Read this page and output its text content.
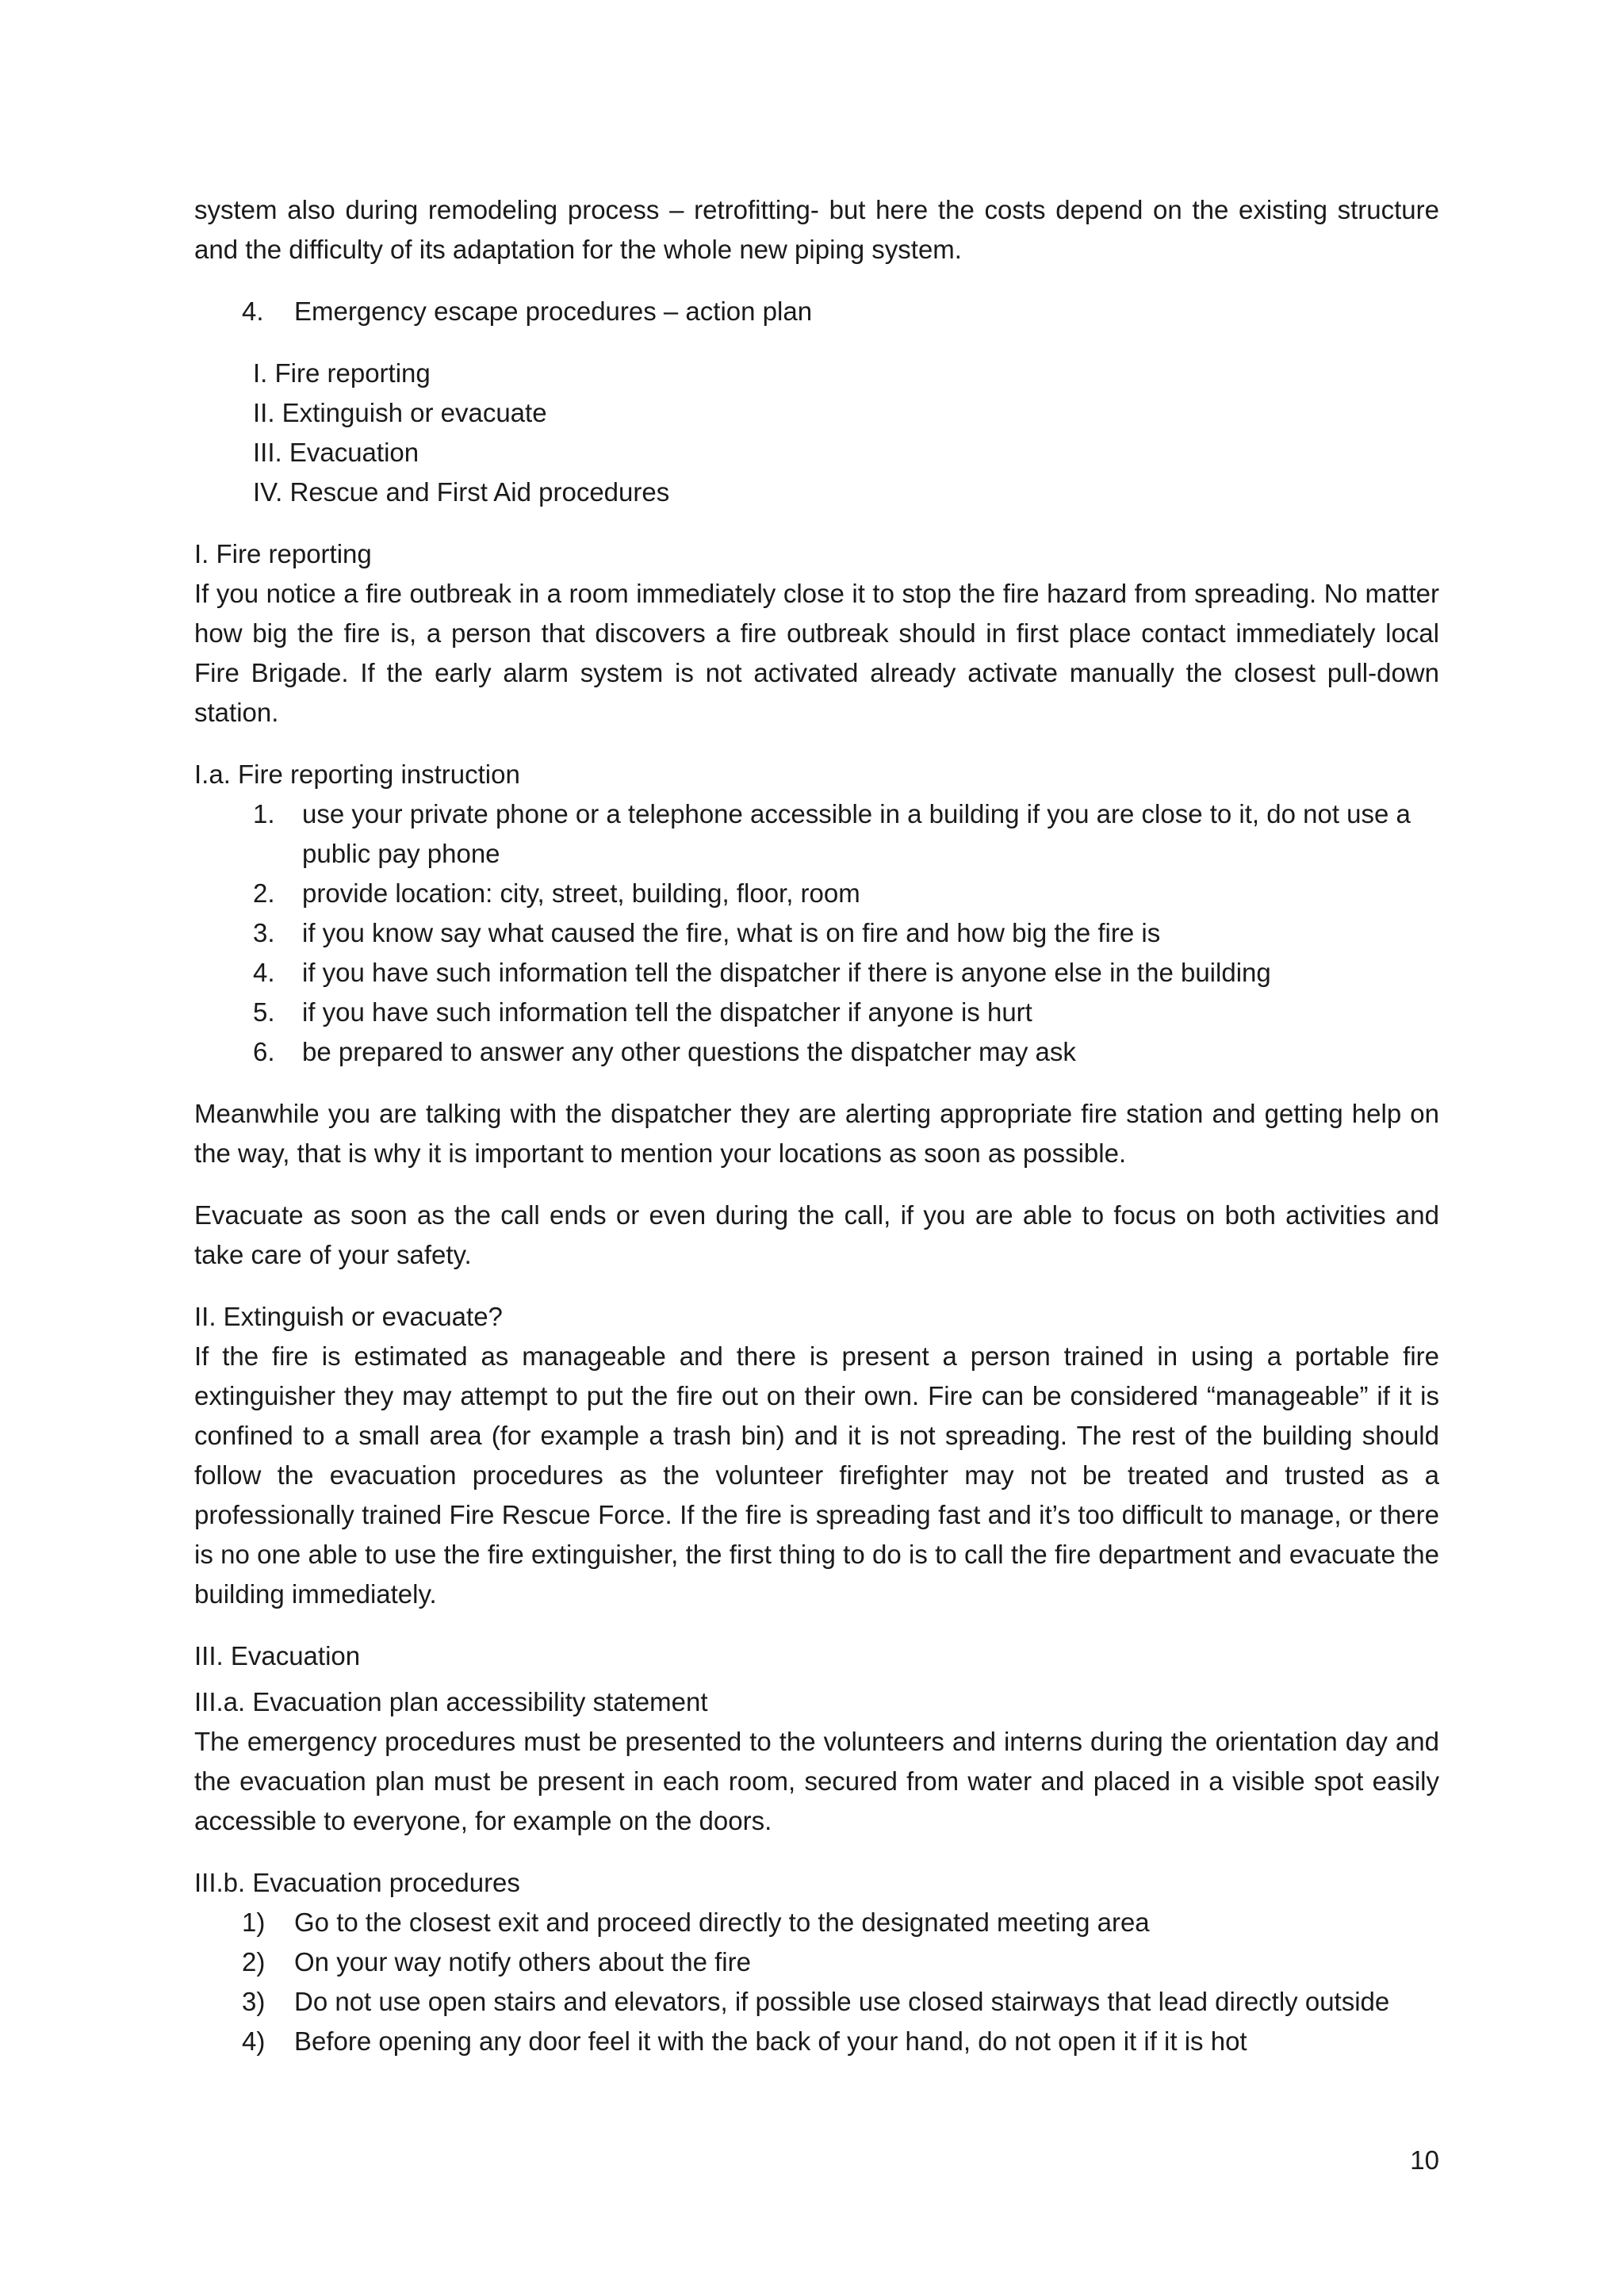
system also during remodeling process – retrofitting- but here the costs depend on the existing structure and the difficulty of its adaptation for the whole new piping system.

4.	Emergency escape procedures – action plan

I. Fire reporting

II. Extinguish or evacuate

III. Evacuation

IV. Rescue and First Aid procedures

I. Fire reporting

If you notice a fire outbreak in a room immediately close it to stop the fire hazard from spreading. No matter how big the fire is, a person that discovers a fire outbreak should in first place contact immediately local Fire Brigade. If the early alarm system is not activated already activate manually the closest pull-down station.

I.a. Fire reporting instruction

1.	use your private phone or a telephone accessible in a building if you are close to it, do not use a public pay phone
2.	provide location: city, street, building, floor, room
3.	if you know say what caused the fire, what is on fire and how big the fire is
4.	if you have such information tell the dispatcher if there is anyone else in the building
5.	if you have such information tell the dispatcher if anyone is hurt
6.	be prepared to answer any other questions the dispatcher may ask

Meanwhile you are talking with the dispatcher they are alerting appropriate fire station and getting help on the way, that is why it is important to mention your locations as soon as possible.

Evacuate as soon as the call ends or even during the call, if you are able to focus on both activities and take care of your safety.

II. Extinguish or evacuate?

If the fire is estimated as manageable and there is present a person trained in using a portable fire extinguisher they may attempt to put the fire out on their own. Fire can be considered “manageable” if it is confined to a small area (for example a trash bin) and it is not spreading. The rest of the building should follow the evacuation procedures as the volunteer firefighter may not be treated and trusted as a professionally trained Fire Rescue Force. If the fire is spreading fast and it’s too difficult to manage, or there is no one able to use the fire extinguisher, the first thing to do is to call the fire department and evacuate the building immediately.

III. Evacuation

III.a. Evacuation plan accessibility statement

The emergency procedures must be presented to the volunteers and interns during the orientation day and the evacuation plan must be present in each room, secured from water and placed in a visible spot easily accessible to everyone, for example on the doors.

III.b. Evacuation procedures

1)	Go to the closest exit and proceed directly to the designated meeting area
2)	On your way notify others about the fire
3)	Do not use open stairs and elevators, if possible use closed stairways that lead directly outside
4)	Before opening any door feel it with the back of your hand, do not open it if it is hot
10
